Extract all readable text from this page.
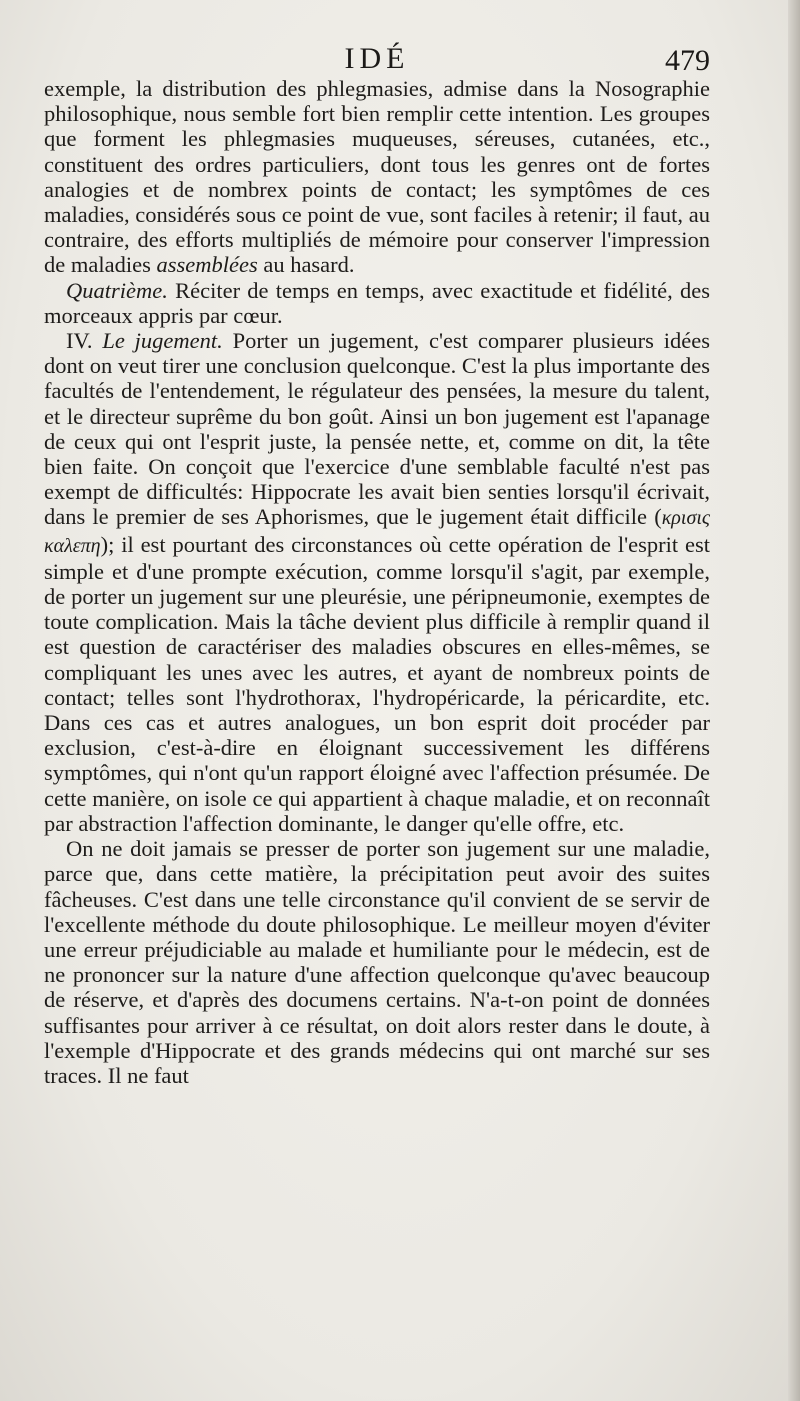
IDÉ	479

exemple, la distribution des phlegmasies, admise dans la Nosographie philosophique, nous semble fort bien remplir cette intention. Les groupes que forment les phlegmasies muqueuses, séreuses, cutanées, etc., constituent des ordres particuliers, dont tous les genres ont de fortes analogies et de nombrex points de contact; les symptômes de ces maladies, considérés sous ce point de vue, sont faciles à retenir; il faut, au contraire, des efforts multipliés de mémoire pour conserver l'impression de maladies assemblées au hasard.

Quatrième. Réciter de temps en temps, avec exactitude et fidélité, des morceaux appris par cœur.

IV. Le jugement. Porter un jugement, c'est comparer plusieurs idées dont on veut tirer une conclusion quelconque. C'est la plus importante des facultés de l'entendement, le régulateur des pensées, la mesure du talent, et le directeur suprême du bon goût. Ainsi un bon jugement est l'apanage de ceux qui ont l'esprit juste, la pensée nette, et, comme on dit, la tête bien faite. On conçoit que l'exercice d'une semblable faculté n'est pas exempt de difficultés: Hippocrate les avait bien senties lorsqu'il écrivait, dans le premier de ses Aphorismes, que le jugement était difficile (κρισις καλεπη); il est pourtant des circonstances où cette opération de l'esprit est simple et d'une prompte exécution, comme lorsqu'il s'agit, par exemple, de porter un jugement sur une pleurésie, une péripneumonie, exemptes de toute complication. Mais la tâche devient plus difficile à remplir quand il est question de caractériser des maladies obscures en elles-mêmes, se compliquant les unes avec les autres, et ayant de nombreux points de contact; telles sont l'hydrothorax, l'hydropéricarde, la péricardite, etc. Dans ces cas et autres analogues, un bon esprit doit procéder par exclusion, c'est-à-dire en éloignant successivement les différens symptômes, qui n'ont qu'un rapport éloigné avec l'affection présumée. De cette manière, on isole ce qui appartient à chaque maladie, et on reconnaît par abstraction l'affection dominante, le danger qu'elle offre, etc.

On ne doit jamais se presser de porter son jugement sur une maladie, parce que, dans cette matière, la précipitation peut avoir des suites fâcheuses. C'est dans une telle circonstance qu'il convient de se servir de l'excellente méthode du doute philosophique. Le meilleur moyen d'éviter une erreur préjudiciable au malade et humiliante pour le médecin, est de ne prononcer sur la nature d'une affection quelconque qu'avec beaucoup de réserve, et d'après des documens certains. N'a-t-on point de données suffisantes pour arriver à ce résultat, on doit alors rester dans le doute, à l'exemple d'Hippocrate et des grands médecins qui ont marché sur ses traces. Il ne faut
